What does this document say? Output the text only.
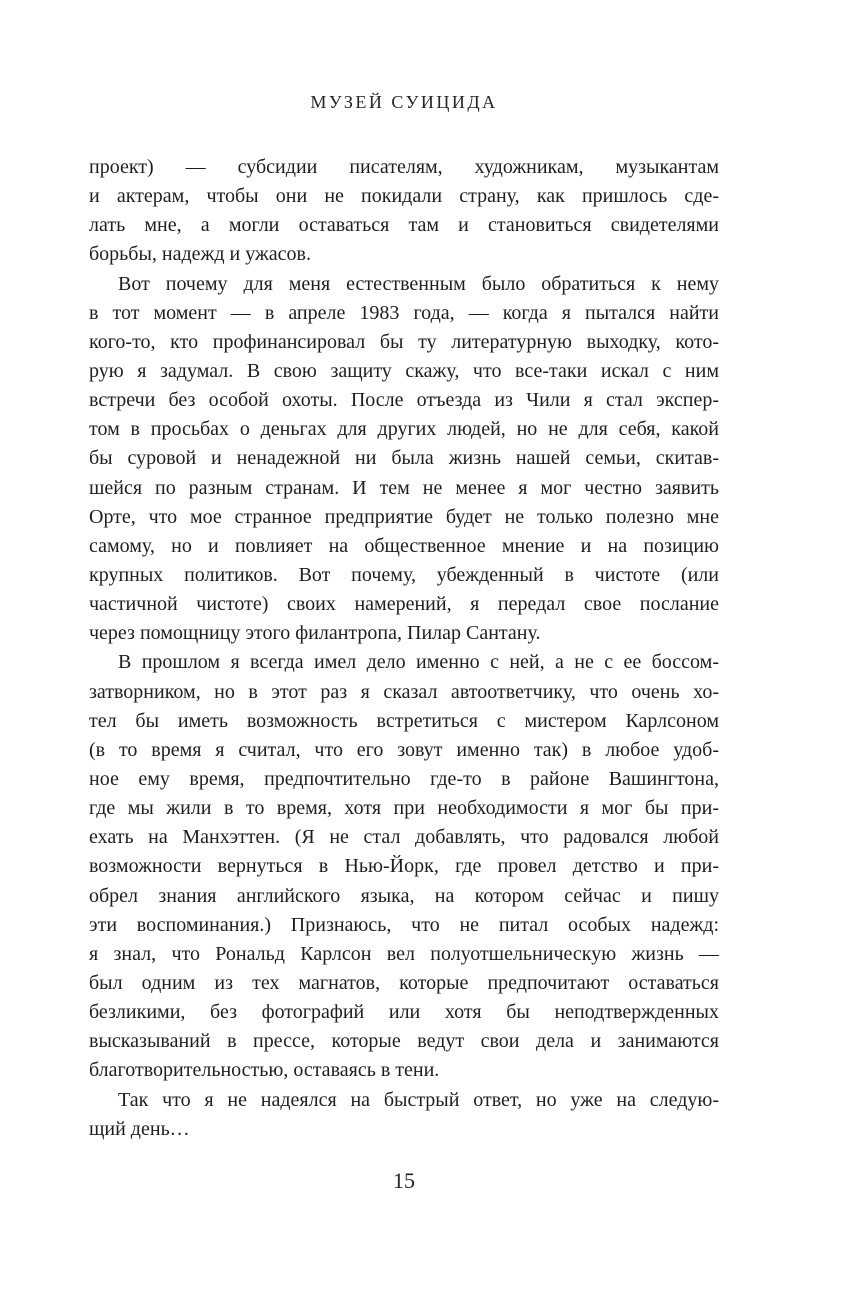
МУЗЕЙ СУИЦИДА
проект) — субсидии писателям, художникам, музыкантам
и актерам, чтобы они не покидали страну, как пришлось сде-
лать мне, а могли оставаться там и становиться свидетелями
борьбы, надежд и ужасов.
Вот почему для меня естественным было обратиться к нему
в тот момент — в апреле 1983 года, — когда я пытался найти
кого-то, кто профинансировал бы ту литературную выходку, кото-
рую я задумал. В свою защиту скажу, что все-таки искал с ним
встречи без особой охоты. После отъезда из Чили я стал экспер-
том в просьбах о деньгах для других людей, но не для себя, какой
бы суровой и ненадежной ни была жизнь нашей семьи, скитав-
шейся по разным странам. И тем не менее я мог честно заявить
Орте, что мое странное предприятие будет не только полезно мне
самому, но и повлияет на общественное мнение и на позицию
крупных политиков. Вот почему, убежденный в чистоте (или
частичной чистоте) своих намерений, я передал свое послание
через помощницу этого филантропа, Пилар Сантану.
В прошлом я всегда имел дело именно с ней, а не с ее боссом-
затворником, но в этот раз я сказал автоответчику, что очень хо-
тел бы иметь возможность встретиться с мистером Карлсоном
(в то время я считал, что его зовут именно так) в любое удоб-
ное ему время, предпочтительно где-то в районе Вашингтона,
где мы жили в то время, хотя при необходимости я мог бы при-
ехать на Манхэттен. (Я не стал добавлять, что радовался любой
возможности вернуться в Нью-Йорк, где провел детство и при-
обрел знания английского языка, на котором сейчас и пишу
эти воспоминания.) Признаюсь, что не питал особых надежд:
я знал, что Рональд Карлсон вел полуотшельническую жизнь —
был одним из тех магнатов, которые предпочитают оставаться
безликими, без фотографий или хотя бы неподтвержденных
высказываний в прессе, которые ведут свои дела и занимаются
благотворительностью, оставаясь в тени.
Так что я не надеялся на быстрый ответ, но уже на следую-
щий день…
15
